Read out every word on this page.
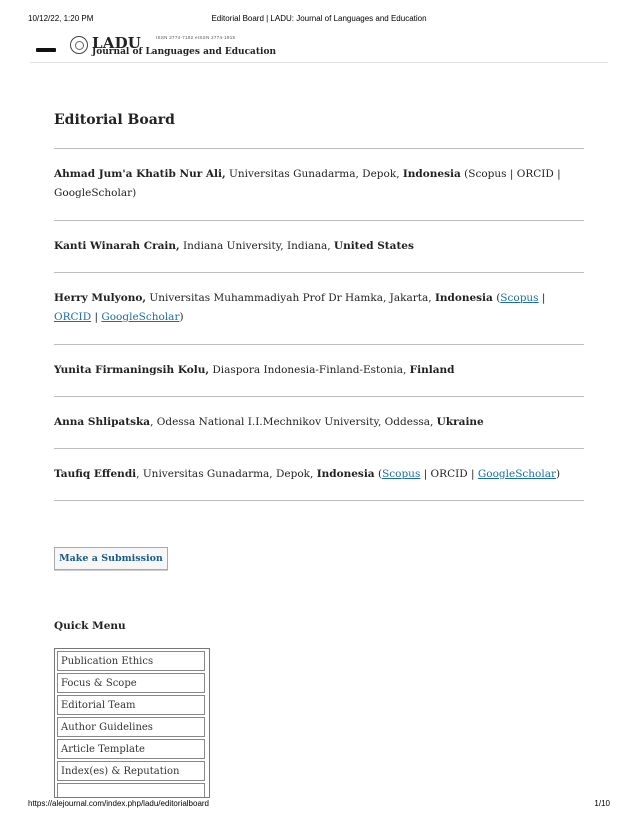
10/12/22, 1:20 PM	Editorial Board | LADU: Journal of Languages and Education
LADU	ISSN 2774-7182 eISSN 2774-1915
Journal of Languages and Education
Editorial Board
Ahmad Jum'a Khatib Nur Ali, Universitas Gunadarma, Depok, Indonesia (Scopus | ORCID | GoogleScholar)
Kanti Winarah Crain, Indiana University, Indiana, United States
Herry Mulyono, Universitas Muhammadiyah Prof Dr Hamka, Jakarta, Indonesia (Scopus | ORCID | GoogleScholar)
Yunita Firmaningsih Kolu, Diaspora Indonesia-Finland-Estonia, Finland
Anna Shlipatska, Odessa National I.I.Mechnikov University, Oddessa, Ukraine
Taufiq Effendi, Universitas Gunadarma, Depok, Indonesia (Scopus | ORCID | GoogleScholar)
Make a Submission
Quick Menu
Publication Ethics
Focus & Scope
Editorial Team
Author Guidelines
Article Template
Index(es) & Reputation
https://alejournal.com/index.php/ladu/editorialboard	1/10
